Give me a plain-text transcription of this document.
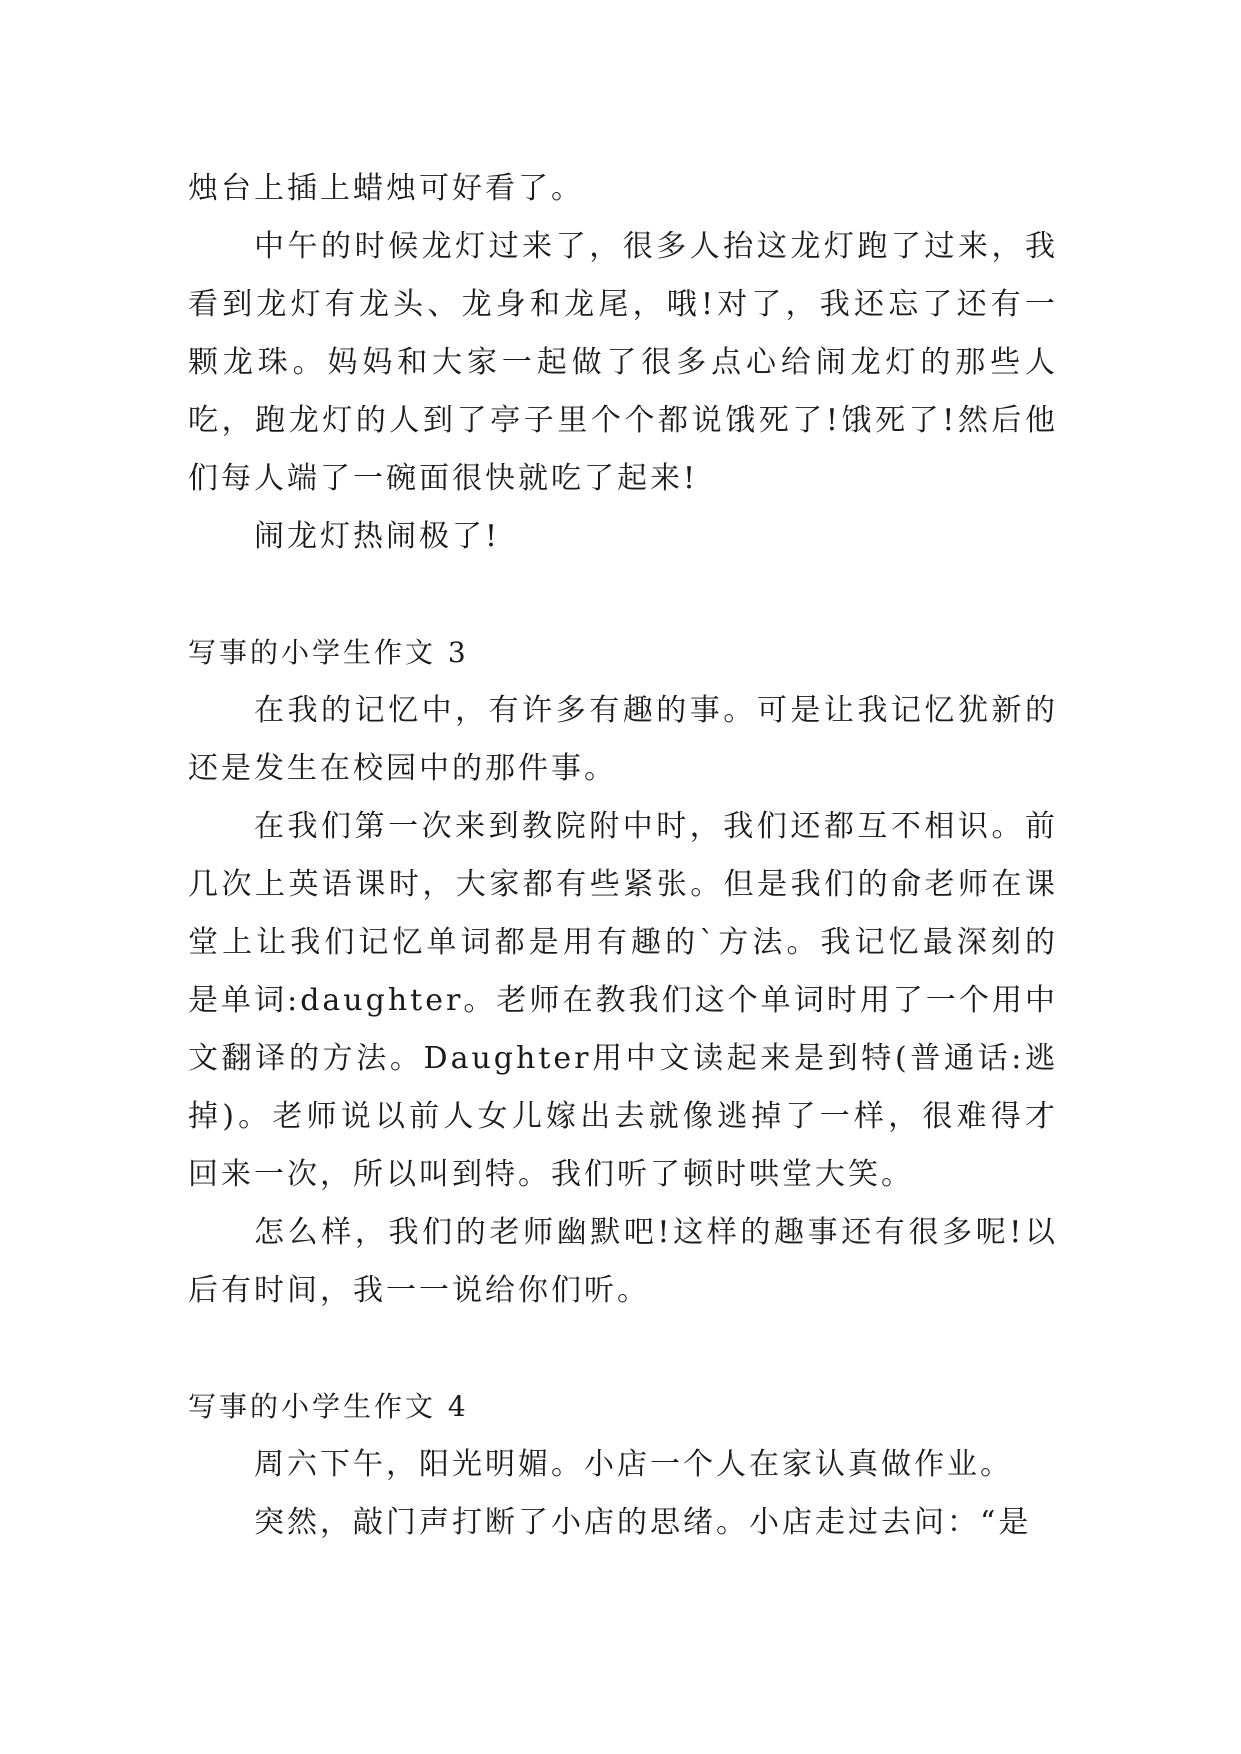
烛台上插上蜡烛可好看了。

中午的时候龙灯过来了，很多人抬这龙灯跑了过来，我看到龙灯有龙头、龙身和龙尾，哦!对了，我还忘了还有一颗龙珠。妈妈和大家一起做了很多点心给闹龙灯的那些人吃，跑龙灯的人到了亭子里个个都说饿死了!饿死了!然后他们每人端了一碗面很快就吃了起来!

闹龙灯热闹极了!

写事的小学生作文 3

在我的记忆中，有许多有趣的事。可是让我记忆犹新的还是发生在校园中的那件事。

在我们第一次来到教院附中时，我们还都互不相识。前几次上英语课时，大家都有些紧张。但是我们的俞老师在课堂上让我们记忆单词都是用有趣的`方法。我记忆最深刻的是单词:daughter。老师在教我们这个单词时用了一个用中文翻译的方法。Daughter用中文读起来是到特(普通话:逃掉)。老师说以前人女儿嫁出去就像逃掉了一样，很难得才回来一次，所以叫到特。我们听了顿时哄堂大笑。

怎么样，我们的老师幽默吧!这样的趣事还有很多呢!以后有时间，我一一说给你们听。

写事的小学生作文 4

周六下午，阳光明媚。小店一个人在家认真做作业。

突然，敲门声打断了小店的思绪。小店走过去问：“是
